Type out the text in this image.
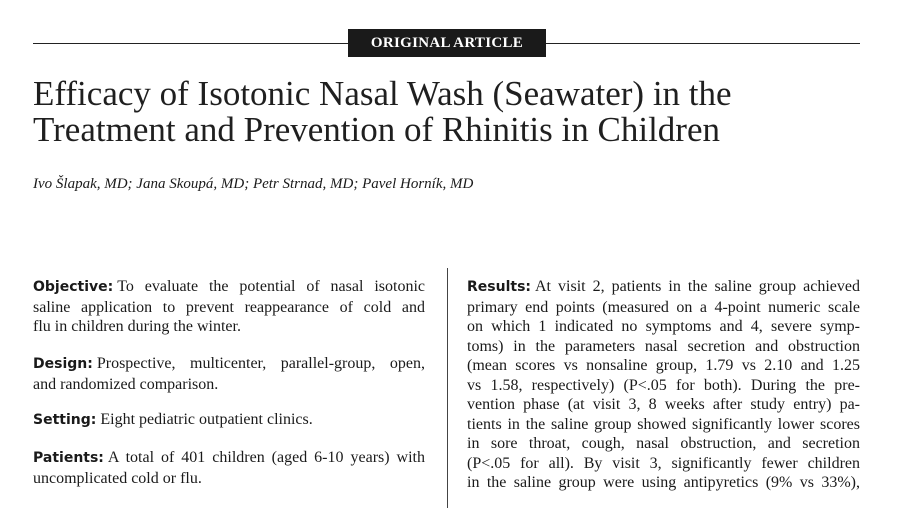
ORIGINAL ARTICLE
Efficacy of Isotonic Nasal Wash (Seawater) in the
Treatment and Prevention of Rhinitis in Children
Ivo Šlapak, MD; Jana Skoupá, MD; Petr Strnad, MD; Pavel Horník, MD
Objective: To evaluate the potential of nasal isotonic
saline application to prevent reappearance of cold and
flu in children during the winter.
Design: Prospective, multicenter, parallel-group, open,
and randomized comparison.
Setting: Eight pediatric outpatient clinics.
Patients: A total of 401 children (aged 6-10 years) with
uncomplicated cold or flu.
Results: At visit 2, patients in the saline group achieved
primary end points (measured on a 4-point numeric scale
on which 1 indicated no symptoms and 4, severe symp-
toms) in the parameters nasal secretion and obstruction
(mean scores vs nonsaline group, 1.79 vs 2.10 and 1.25
vs 1.58, respectively) (P<.05 for both). During the pre-
vention phase (at visit 3, 8 weeks after study entry) pa-
tients in the saline group showed significantly lower scores
in sore throat, cough, nasal obstruction, and secretion
(P<.05 for all). By visit 3, significantly fewer children
in the saline group were using antipyretics (9% vs 33%),
